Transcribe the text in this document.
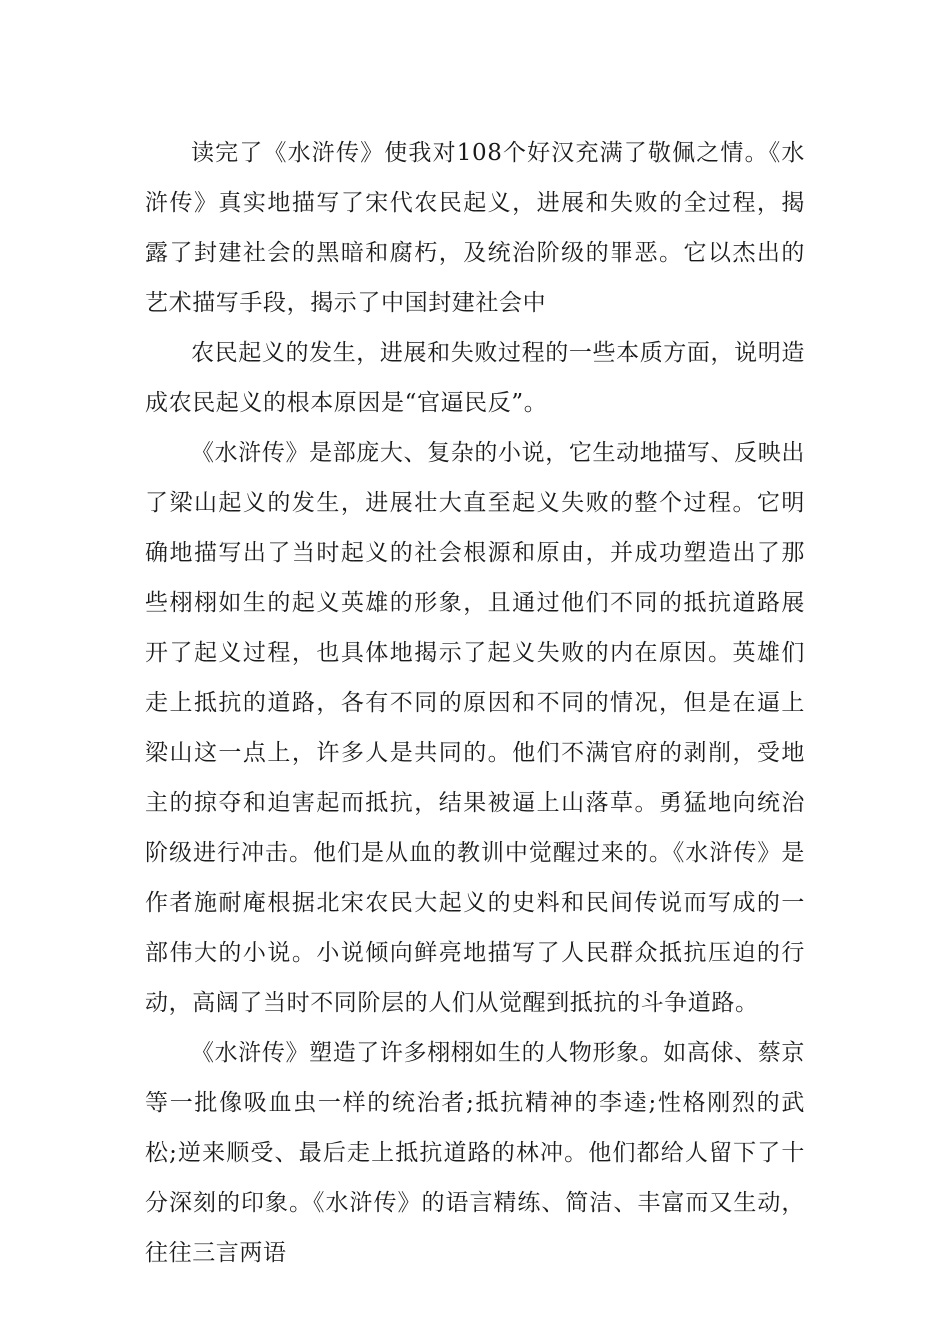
读完了《水浒传》使我对108个好汉充满了敬佩之情。《水浒传》真实地描写了宋代农民起义，进展和失败的全过程，揭露了封建社会的黑暗和腐朽，及统治阶级的罪恶。它以杰出的艺术描写手段，揭示了中国封建社会中

农民起义的发生，进展和失败过程的一些本质方面，说明造成农民起义的根本原因是“官逼民反”。

《水浒传》是部庞大、复杂的小说，它生动地描写、反映出了梁山起义的发生，进展壮大直至起义失败的整个过程。它明确地描写出了当时起义的社会根源和原由，并成功塑造出了那些栩栩如生的起义英雄的形象，且通过他们不同的抵抗道路展开了起义过程，也具体地揭示了起义失败的内在原因。英雄们走上抵抗的道路，各有不同的原因和不同的情况，但是在逼上梁山这一点上，许多人是共同的。他们不满官府的剥削，受地主的掠夺和迫害起而抵抗，结果被逼上山落草。勇猛地向统治阶级进行冲击。他们是从血的教训中觉醒过来的。《水浒传》是作者施耐庵根据北宋农民大起义的史料和民间传说而写成的一部伟大的小说。小说倾向鲜亮地描写了人民群众抵抗压迫的行动，高阔了当时不同阶层的人们从觉醒到抵抗的斗争道路。

《水浒传》塑造了许多栩栩如生的人物形象。如高俅、蔡京等一批像吸血虫一样的统治者;抵抗精神的李逵;性格刚烈的武松;逆来顺受、最后走上抵抗道路的林冲。他们都给人留下了十分深刻的印象。《水浒传》的语言精练、简洁、丰富而又生动，往往三言两语
